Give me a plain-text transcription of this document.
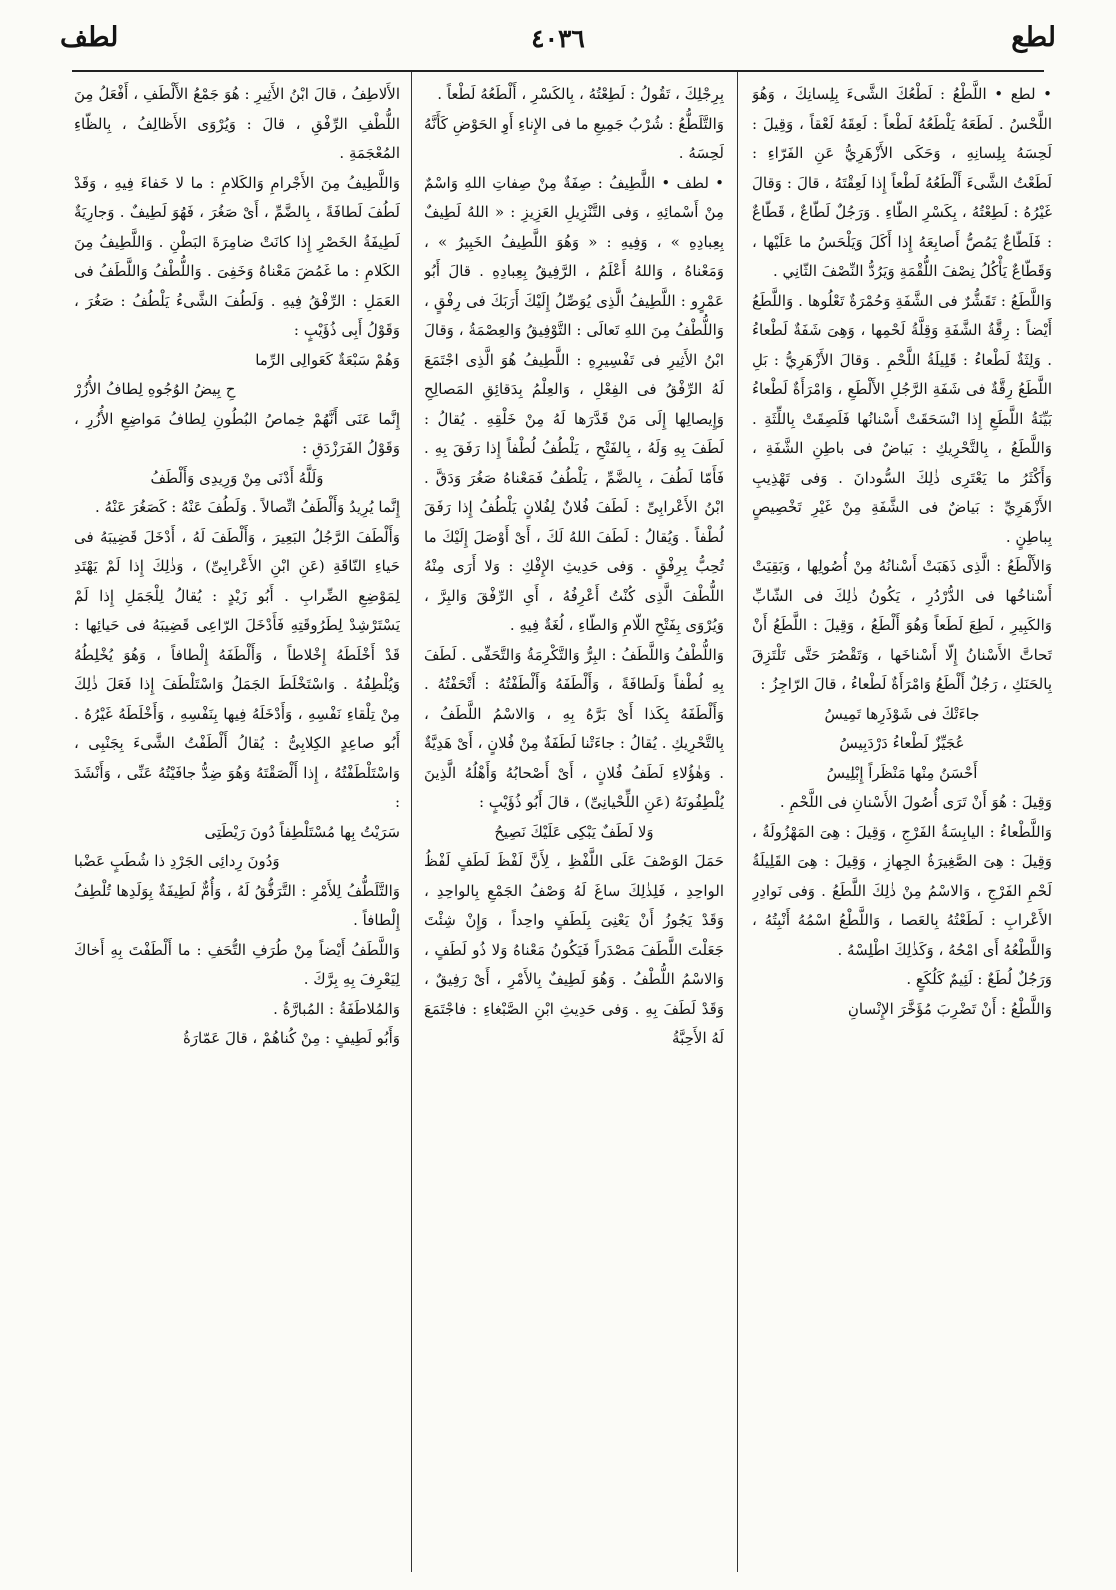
لطع
٤٠٣٦
لطف

• لطع • اللَّطْعُ : لَطْعُكَ الشَّىءَ بِلِسانِكَ ، وَهُوَ اللَّحْسُ . لَطَعَهُ يَلْطَعُهُ لَطْعاً : لَعِقَهُ لَعْقاً ، وَقِيلَ : لَحِسَهُ بِلِسانِهِ ، وَحَكَى الأَزْهَرِيُّ عَنِ الفَرّاءِ : لَطَعْتُ الشَّىءَ أَلْطَعُهُ لَطْعاً إِذا لَعِقْتَهُ ، قالَ : وَقالَ غَيْرُهُ : لَطِعْتُهُ ، بِكَسْرِ الطّاءِ . وَرَجُلٌ لَطّاعٌ ، قَطّاعٌ : فَلَطّاعٌ يَمُصُّ أَصابِعَهُ إِذا أَكَلَ وَيَلْحَسُ ما عَلَيْها ، وَقَطّاعٌ يَأْكُلُ نِصْفَ اللُّقْمَةِ وَيَرُدُّ النِّصْفَ الثّانِي .

وَاللَّطَعُ : تَقَشُّرٌ فى الشَّفَةِ وَحُمْرَةٌ تَعْلُوها . وَاللَّطَعُ أَيْضاً : رِقَّةُ الشَّفَةِ وَقِلَّةُ لَحْمِها ، وَهِىَ شَفَةٌ لَطْعاءُ . وَلِثَةٌ لَطْعاءُ : قَلِيلَةُ اللَّحْمِ . وَقالَ الأَزْهَرِيُّ : بَلِ اللَّطَعُ رِقَّةٌ فى شَفَةِ الرَّجُلِ الأَلْطَعِ ، وَامْرَأَةٌ لَطْعاءُ بَيِّنَةُ اللَّطَعِ إِذا انْسَحَقَتْ أَسْنانُها فَلَصِقَتْ بِاللِّثَةِ . وَاللَّطَعُ ، بِالتَّحْرِيكِ : بَياضٌ فى باطِنِ الشَّفَةِ ، وَأَكْثَرُ ما يَعْتَرِى ذٰلِكَ السُّودانَ . وَفى تَهْذِيبِ الأَزْهَرِيِّ : بَياضٌ فى الشَّفَةِ مِنْ غَيْرِ تَخْصِيصٍ بِباطِنٍ .

وَالأَلْطَعُ : الَّذِى ذَهَبَتْ أَسْنانُهُ مِنْ أُصُولِها ، وَبَقِيَتْ أَسْناخُها فى الدُّرْدُرِ ، يَكُونُ ذٰلِكَ فى الشّابِّ وَالكَبِيرِ ، لَطِعَ لَطَعاً وَهُوَ أَلْطَعُ ، وَقِيلَ : اللَّطَعُ أَنْ تَحاتَّ الأَسْنانُ إِلّا أَسْناخَها ، وَتَقْصُرَ حَتَّى تَلْتَزِقَ بِالحَنَكِ ، رَجُلٌ أَلْطَعُ وَامْرَأَةٌ لَطْعاءُ ، قالَ الرّاجِزُ :

جاءَتْكَ فى شَوْذَرِها تَمِيسُ

عُجَيِّزٌ لَطْعاءُ دَرْدَبِيسُ

أَحْسَنُ مِنْها مَنْظَراً إِبْلِيسُ

وَقِيلَ : هُوَ أَنْ تَرَى أُصُولَ الأَسْنانِ فى اللَّحْمِ .

وَاللَّطْعاءُ : اليابِسَةُ الفَرْجِ ، وَقِيلَ : هِىَ المَهْزُولَةُ ، وَقِيلَ : هِىَ الصَّغِيرَةُ الجِهازِ ، وَقِيلَ : هِىَ القَلِيلَةُ لَحْمِ الفَرْجِ ، وَالاسْمُ مِنْ ذٰلِكَ اللَّطَعُ . وَفى نَوادِرِ الأَعْرابِ : لَطَعْتُهُ بِالعَصا ، وَاللَّطْعُ اسْمُهُ أَنْبِتُهُ ، وَاللَّطْعُهُ أَى امْحُهُ ، وَكَذٰلِكَ اطْلِسْهُ .

وَرَجُلٌ لُطَعٌ : لَئِيمٌ كَلُكَعٍ .

وَاللَّطْعُ : أَنْ تَضْرِبَ مُؤَخَّرَ الإِنْسانِ

بِرِجْلِكَ ، تَقُولُ : لَطِعْتُهُ ، بِالكَسْرِ ، أَلْطَعُهُ لَطْعاً .

وَالتَّلَطُّعُ : شُرْبُ جَمِيعِ ما فى الإِناءِ أَوِ الحَوْضِ كَأَنَّهُ لَحِسَهُ .

• لطف • اللَّطِيفُ : صِفَةٌ مِنْ صِفاتِ اللهِ وَاسْمٌ مِنْ أَسْمائِهِ ، وَفى التَّنْزِيلِ العَزِيزِ : « اللهُ لَطِيفٌ بِعِبادِهِ » ، وَفِيهِ : « وَهُوَ اللَّطِيفُ الخَبِيرُ » ، وَمَعْناهُ ، وَاللهُ أَعْلَمُ ، الرَّفِيقُ بِعِبادِهِ . قالَ أَبُو عَمْرٍو : اللَّطِيفُ الَّذِى يُوَصِّلُ إِلَيْكَ أَرَبَكَ فى رِفْقٍ ، وَاللُّطْفُ مِنَ اللهِ تَعالَى : التَّوْفِيقُ وَالعِصْمَةُ ، وَقالَ ابْنُ الأَثِيرِ فى تَفْسِيرِهِ : اللَّطِيفُ هُوَ الَّذِى اجْتَمَعَ لَهُ الرِّفْقُ فى الفِعْلِ ، وَالعِلْمُ بِدَقائِقِ المَصالِحِ وَإِيصالِها إِلَى مَنْ قَدَّرَها لَهُ مِنْ خَلْقِهِ . يُقالُ : لَطَفَ بِهِ وَلَهُ ، بِالفَتْحِ ، يَلْطُفُ لُطْفاً إِذا رَفَقَ بِهِ . فَأَمّا لَطُفَ ، بِالضَّمِّ ، يَلْطُفُ فَمَعْناهُ صَغُرَ وَدَقَّ . ابْنُ الأَعْرابِىِّ : لَطَفَ فُلانٌ لِفُلانٍ يَلْطُفُ إِذا رَفَقَ لُطْفاً . وَيُقالُ : لَطَفَ اللهُ لَكَ ، أَىْ أَوْصَلَ إِلَيْكَ ما تُحِبُّ بِرِفْقٍ . وَفى حَدِيثِ الإِفْكِ : وَلا أَرَى مِنْهُ اللُّطْفَ الَّذِى كُنْتُ أَعْرِفُهُ ، أَىِ الرِّفْقَ وَالبِرَّ ، وَيُرْوَى بِفَتْحِ اللّامِ وَالطّاءِ ، لُغَةٌ فِيهِ .

وَاللُّطْفُ وَاللَّطَفُ : البِرُّ وَالتَّكْرِمَةُ وَالتَّحَفِّى . لَطَفَ بِهِ لُطْفاً وَلَطافَةً ، وَأَلْطَفَهُ وَأَلْطَفْتُهُ : أَتْحَفْتُهُ . وَأَلْطَفَهُ بِكَذا أَىْ بَرَّهُ بِهِ ، وَالاسْمُ اللَّطَفُ ، بِالتَّحْرِيكِ . يُقالُ : جاءَتْنا لَطَفَةٌ مِنْ فُلانٍ ، أَىْ هَدِيَّةٌ . وَهٰؤُلاءِ لَطَفُ فُلانٍ ، أَىْ أَصْحابُهُ وَأَهْلُهُ الَّذِينَ يُلْطِفُونَهُ (عَنِ اللِّحْيانِىِّ) ، قالَ أَبُو ذُؤَيْبٍ :

وَلا لَطَفٌ يَبْكِى عَلَيْكَ نَصِيحُ

حَمَلَ الوَصْفَ عَلَى اللَّفْظِ ، لِأَنَّ لَفْظَ لَطَفٍ لَفْظُ الواحِدِ ، فَلِذٰلِكَ ساغَ لَهُ وَصْفُ الجَمْعِ بِالواحِدِ ، وَقَدْ يَجُوزُ أَنْ يَعْنِىَ بِلَطَفٍ واحِداً ، وَإِنْ شِئْتَ جَعَلْتَ اللَّطَفَ مَصْدَراً فَيَكُونُ مَعْناهُ وَلا ذُو لَطَفٍ ، وَالاسْمُ اللُّطْفُ . وَهُوَ لَطِيفٌ بِالأَمْرِ ، أَىْ رَفِيقٌ ، وَقَدْ لَطَفَ بِهِ . وَفى حَدِيثِ ابْنِ الصَّبْغاءِ : فاجْتَمَعَ لَهُ الأَحِبَّةُ

الأَلاطِفُ ، قالَ ابْنُ الأَثِيرِ : هُوَ جَمْعُ الأَلْطَفِ ، أَفْعَلُ مِنَ اللُّطْفِ الرِّفْقِ ، قالَ : وَيُرْوَى الأَظالِفُ ، بِالظّاءِ المُعْجَمَةِ .

وَاللَّطِيفُ مِنَ الأَجْرامِ وَالكَلامِ : ما لا خَفاءَ فِيهِ ، وَقَدْ لَطُفَ لَطافَةً ، بِالضَّمِّ ، أَىْ صَغُرَ ، فَهُوَ لَطِيفٌ . وَجارِيَةٌ لَطِيفَةُ الخَصْرِ إِذا كانَتْ ضامِرَةَ البَطْنِ . وَاللَّطِيفُ مِنَ الكَلامِ : ما غَمُضَ مَعْناهُ وَخَفِىَ . وَاللُّطْفُ وَاللَّطَفُ فى العَمَلِ : الرِّفْقُ فِيهِ . وَلَطُفَ الشَّىءُ يَلْطُفُ : صَغُرَ ، وَقَوْلُ أَبِى ذُؤَيْبٍ :

وَهُمْ سَبْعَةٌ كَعَوالِى الرِّما

حِ بِيضُ الوُجُوهِ لِطافُ الأُزُرْ

إِنَّما عَنَى أَنَّهُمْ خِماصُ البُطُونِ لِطافُ مَواضِعِ الأُزُرِ ، وَقَوْلُ الفَرَزْدَقِ :

وَلَلَّهُ أَدْنَى مِنْ وَرِيدِى وَأَلْطَفُ

إِنَّما يُرِيدُ وَأَلْطَفُ اتِّصالاً . وَلَطُفَ عَنْهُ : كَصَغُرَ عَنْهُ .

وَأَلْطَفَ الرَّجُلُ البَعِيرَ ، وَأَلْطَفَ لَهُ ، أَدْخَلَ قَضِيبَهُ فى حَياءِ النّاقَةِ (عَنِ ابْنِ الأَعْرابِىِّ) ، وَذٰلِكَ إِذا لَمْ يَهْتَدِ لِمَوْضِعِ الضِّرابِ . أَبُو زَيْدٍ : يُقالُ لِلْجَمَلِ إِذا لَمْ يَسْتَرْشِدْ لِطَرُوقَتِهِ فَأَدْخَلَ الرّاعِى قَضِيبَهُ فى حَيائِها : قَدْ أَخْلَطَهُ إِخْلاطاً ، وَأَلْطَفَهُ إِلْطافاً ، وَهُوَ يُخْلِطُهُ وَيُلْطِفُهُ . وَاسْتَخْلَطَ الجَمَلُ وَاسْتَلْطَفَ إِذا فَعَلَ ذٰلِكَ مِنْ تِلْقاءِ نَفْسِهِ ، وَأَدْخَلَهُ فِيها بِنَفْسِهِ ، وَأَخْلَطَهُ غَيْرُهُ . أَبُو صاعِدٍ الكِلابِىُّ : يُقالُ أَلْطَفْتُ الشَّىءَ بِجَنْبِى ، وَاسْتَلْطَفْتُهُ ، إِذا أَلْصَقْتَهُ وَهُوَ ضِدُّ جافَيْتُهُ عَنِّى ، وَأَنْشَدَ :

سَرَيْتُ بِها مُسْتَلْطِفاً دُونَ رَيْطَتِى

وَدُونَ رِدائِى الجَرْدِ ذا شُطَبٍ عَضْبا

وَالتَّلَطُّفُ لِلأَمْرِ : التَّرَفُّقُ لَهُ ، وَأُمٌّ لَطِيفَةٌ بِوَلَدِها تُلْطِفُ إِلْطافاً .

وَاللَّطَفُ أَيْضاً مِنْ طُرَفِ التُّحَفِ : ما أَلْطَفْتَ بِهِ أَخاكَ لِيَعْرِفَ بِهِ بِرَّكَ .

وَالمُلاطَفَةُ : المُبارَّةُ .

وَأَبُو لَطِيفٍ : مِنْ كُناهُمْ ، قالَ عَمّارَةُ
